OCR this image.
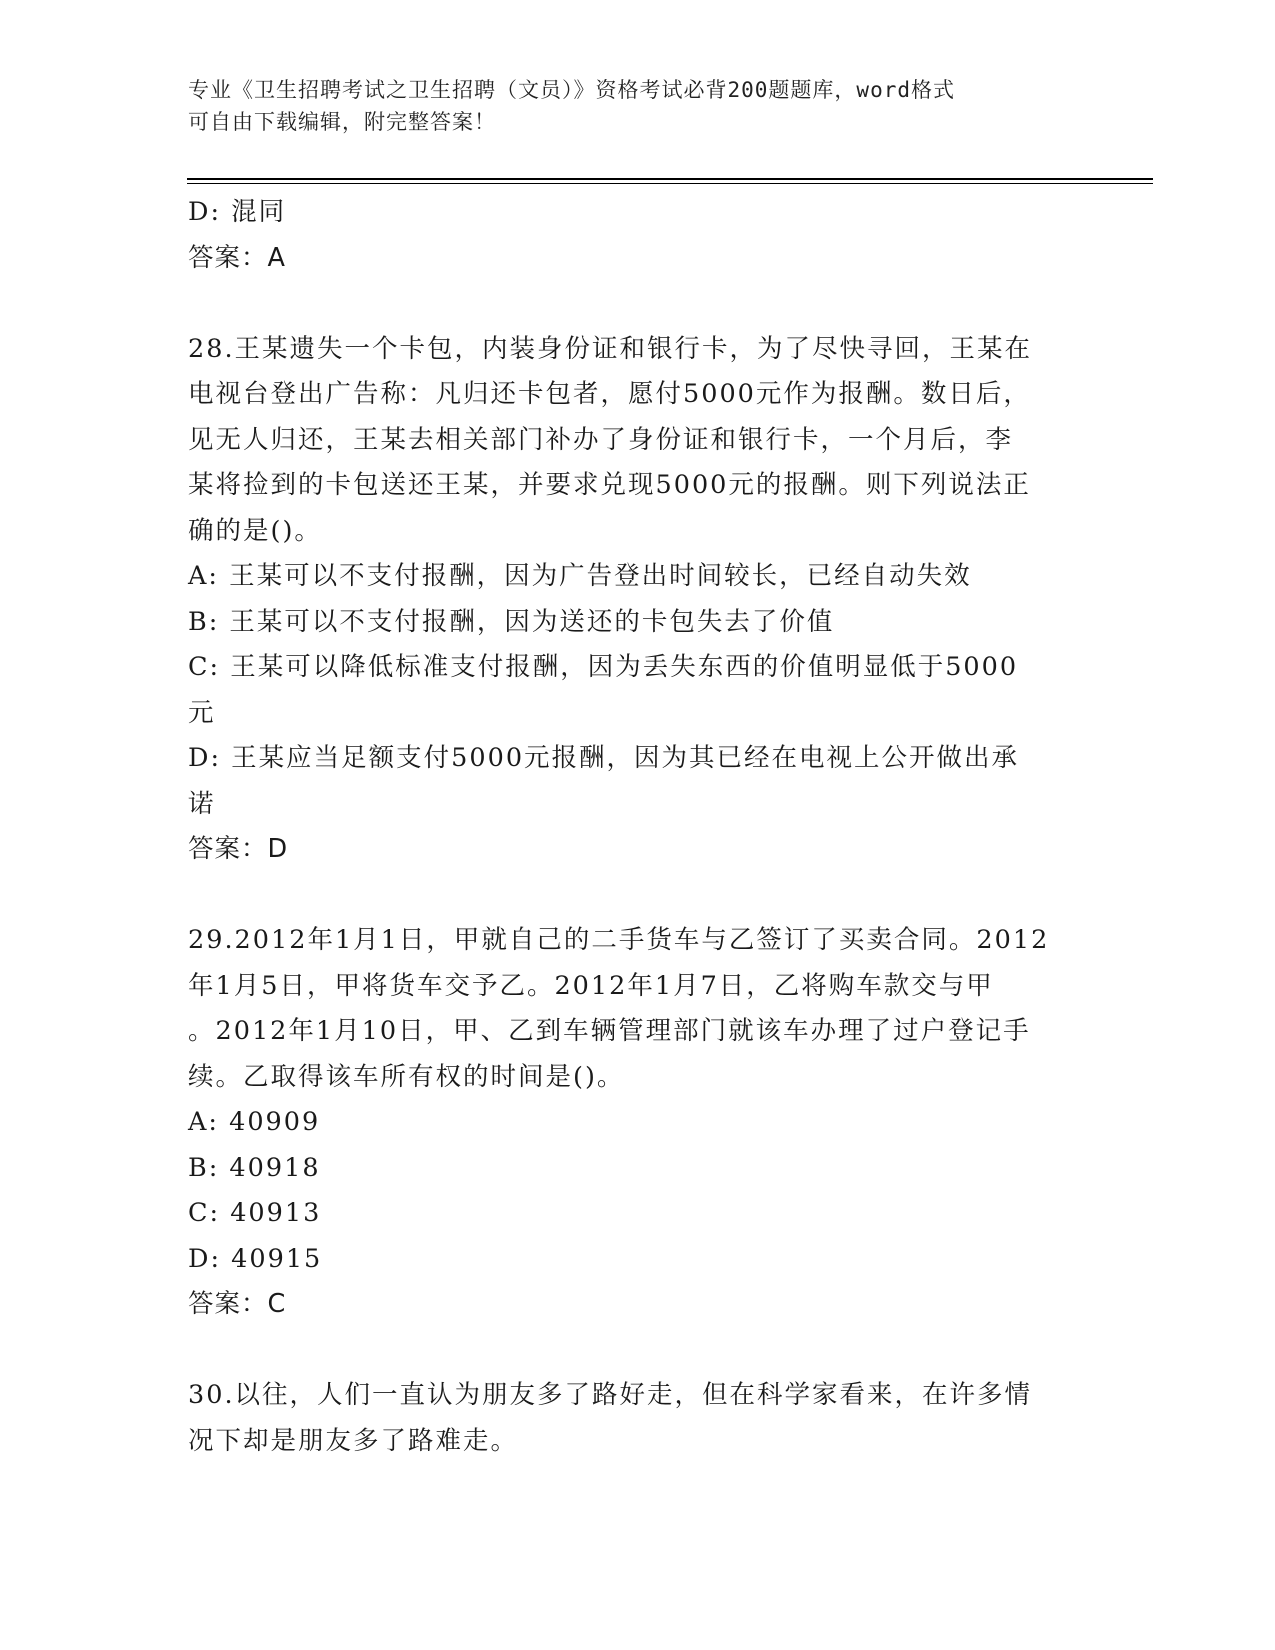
专业《卫生招聘考试之卫生招聘（文员）》资格考试必背200题题库，word格式
可自由下载编辑，附完整答案！
D: 混同
答案：A
28.王某遗失一个卡包，内装身份证和银行卡，为了尽快寻回，王某在
电视台登出广告称：凡归还卡包者，愿付5000元作为报酬。数日后，
见无人归还，王某去相关部门补办了身份证和银行卡，一个月后，李
某将捡到的卡包送还王某，并要求兑现5000元的报酬。则下列说法正
确的是()。
A: 王某可以不支付报酬，因为广告登出时间较长，已经自动失效
B: 王某可以不支付报酬，因为送还的卡包失去了价值
C: 王某可以降低标准支付报酬，因为丢失东西的价值明显低于5000
元
D: 王某应当足额支付5000元报酬，因为其已经在电视上公开做出承
诺
答案：D
29.2012年1月1日，甲就自己的二手货车与乙签订了买卖合同。2012
年1月5日，甲将货车交予乙。2012年1月7日，乙将购车款交与甲
。2012年1月10日，甲、乙到车辆管理部门就该车办理了过户登记手
续。乙取得该车所有权的时间是()。
A: 40909
B: 40918
C: 40913
D: 40915
答案：C
30.以往，人们一直认为朋友多了路好走，但在科学家看来，在许多情
况下却是朋友多了路难走。
